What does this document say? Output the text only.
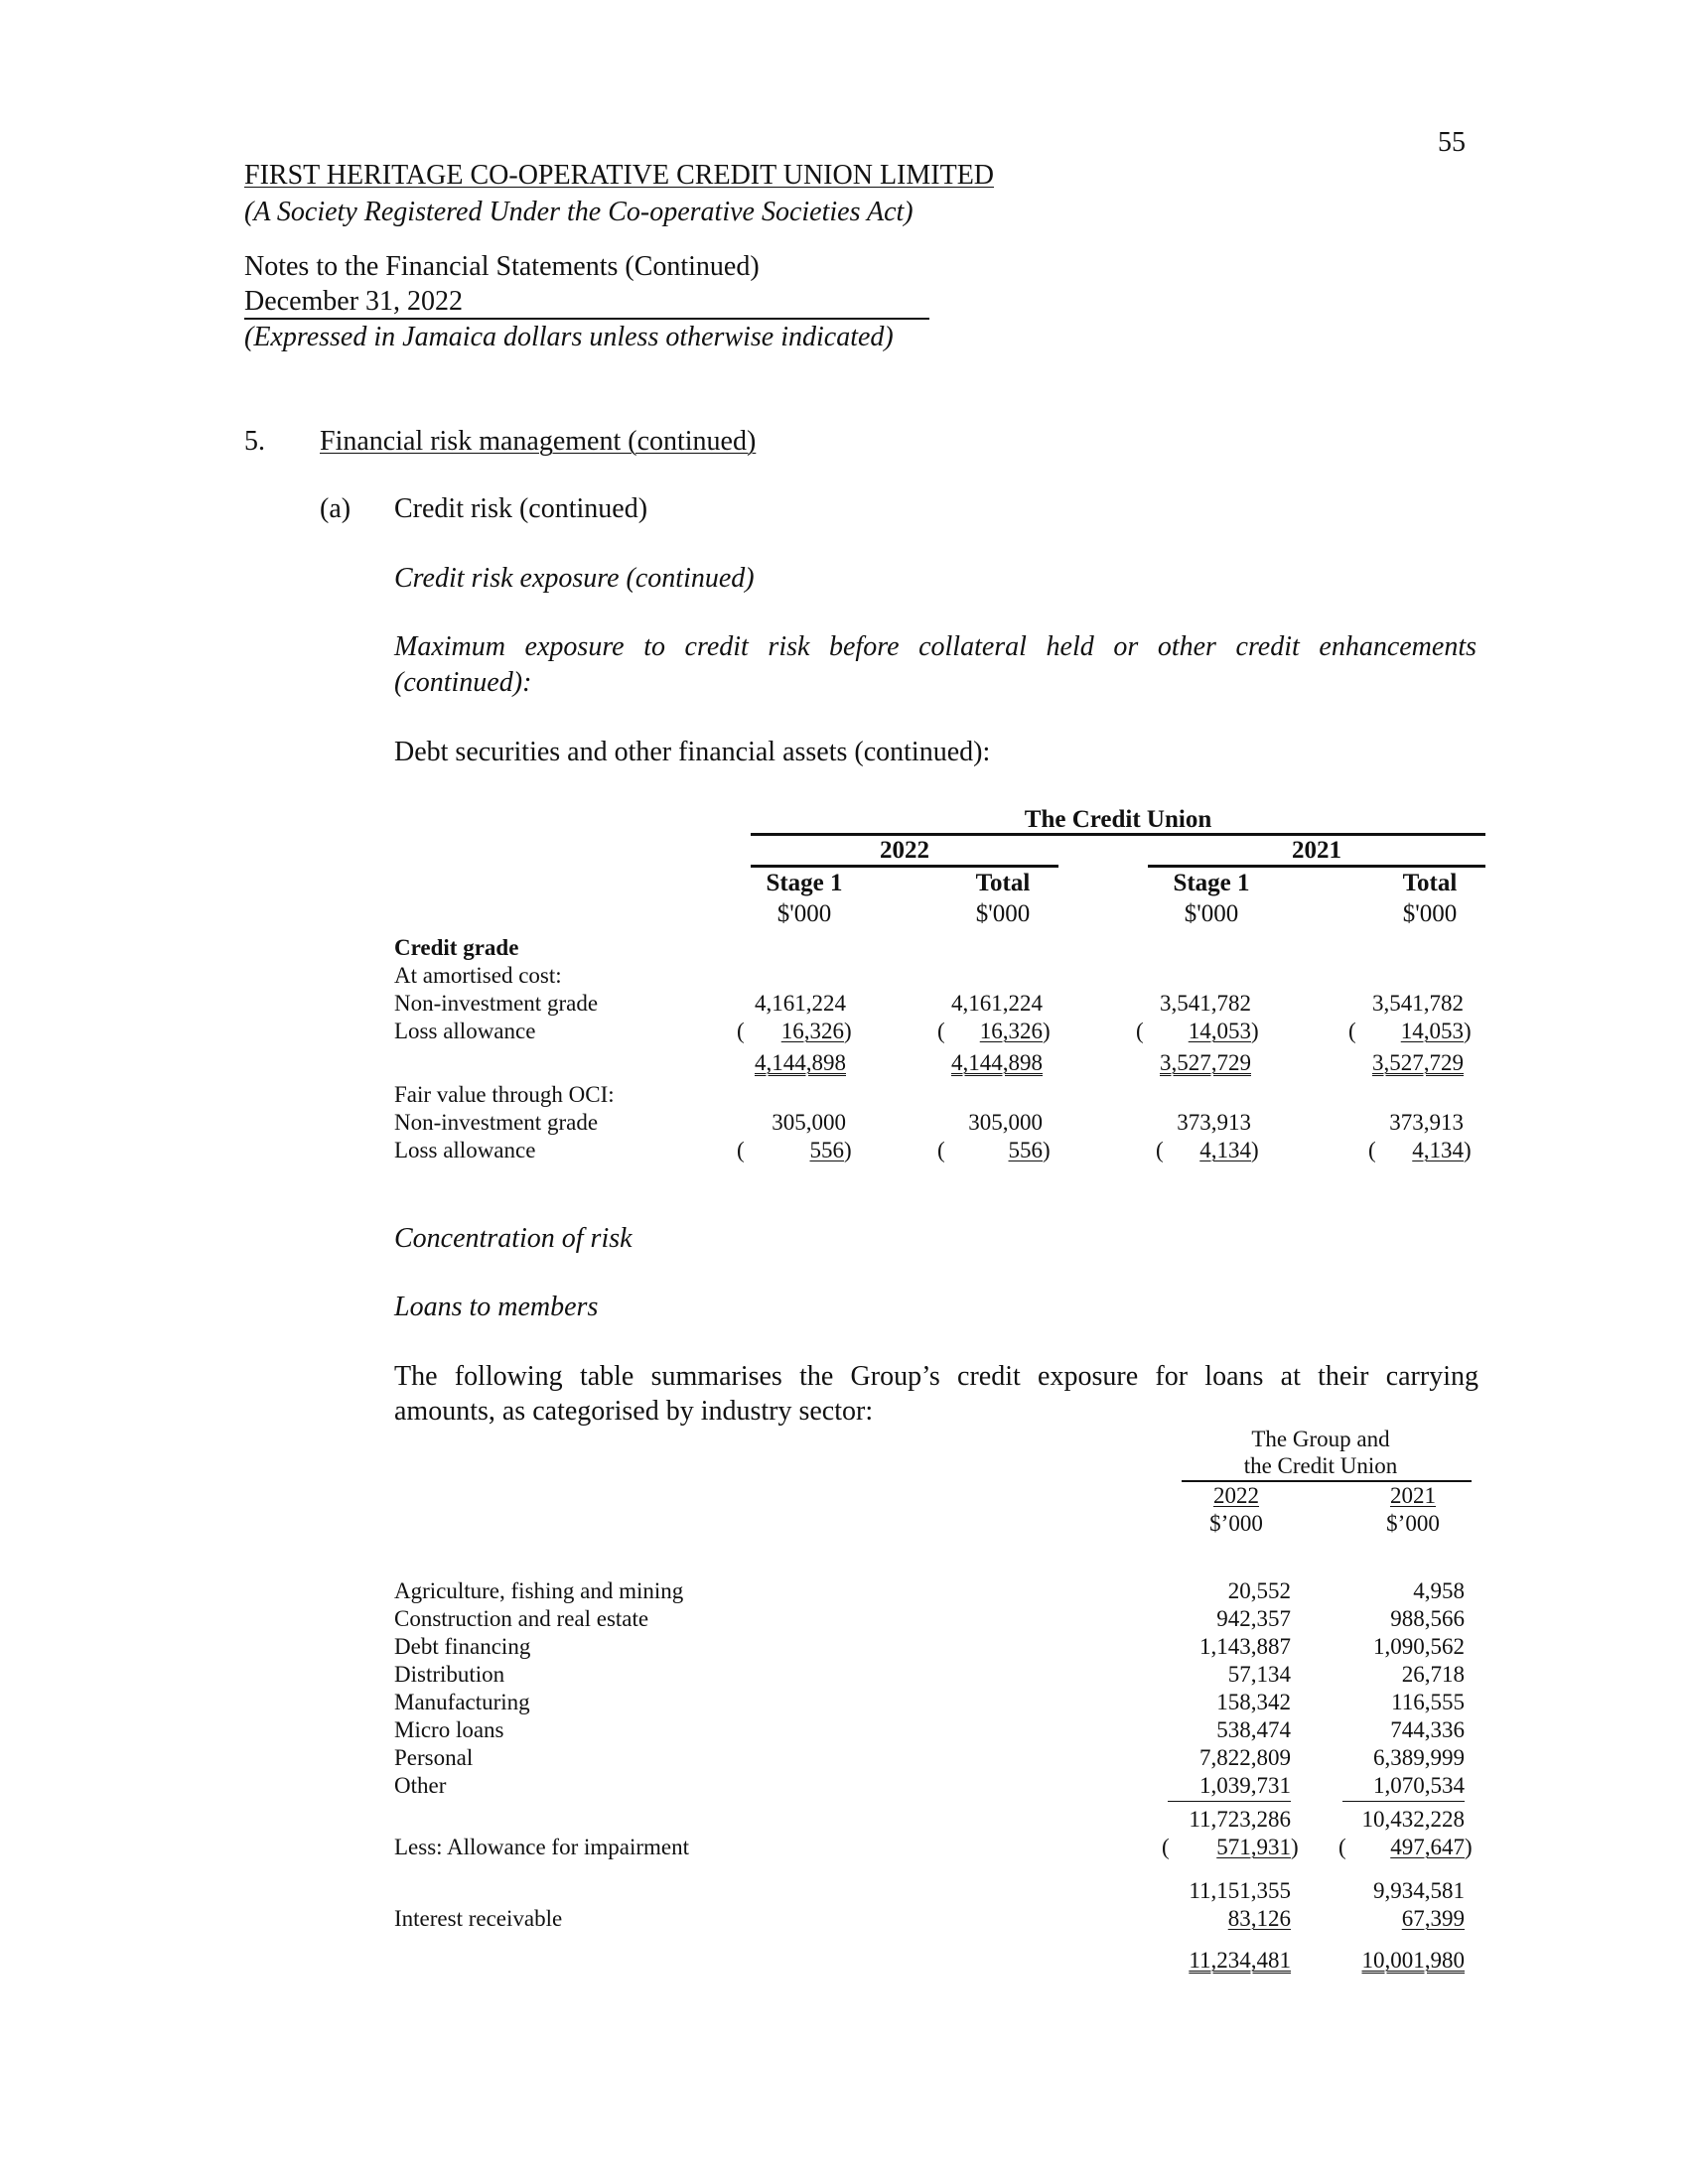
55
FIRST HERITAGE CO-OPERATIVE CREDIT UNION LIMITED
(A Society Registered Under the Co-operative Societies Act)
Notes to the Financial Statements (Continued)
December 31, 2022
(Expressed in Jamaica dollars unless otherwise indicated)
5. Financial risk management (continued)
(a) Credit risk (continued)
Credit risk exposure (continued)
Maximum exposure to credit risk before collateral held or other credit enhancements
(continued):
Debt securities and other financial assets (continued):
The Credit Union
2022	2021
Stage 1	Total	Stage 1	Total
$'000	$'000	$'000	$'000
Credit grade
At amortised cost:
Non-investment grade	4,161,224	4,161,224	3,541,782	3,541,782
Loss allowance	(	16,326 )	(	16,326 )	(	14,053 )	(	14,053 )
4,144,898	4,144,898	3,527,729	3,527,729
Fair value through OCI:
Non-investment grade	305,000	305,000	373,913	373,913
Loss allowance	(	556 )	(	556 )	(	4,134 )	(	4,134 )
Concentration of risk
Loans to members
The following table summarises the Group’s credit exposure for loans at their carrying
amounts, as categorised by industry sector:
The Group and
the Credit Union
2022	2021
$’000	$’000
Agriculture, fishing and mining	20,552	4,958
Construction and real estate	942,357	988,566
Debt financing	1,143,887	1,090,562
Distribution	57,134	26,718
Manufacturing	158,342	116,555
Micro loans	538,474	744,336
Personal	7,822,809	6,389,999
Other	1,039,731	1,070,534
11,723,286	10,432,228
Less: Allowance for impairment	(	571,931 ) (	497,647 )
11,151,355	9,934,581
Interest receivable	83,126	67,399
11,234,481	10,001,980
